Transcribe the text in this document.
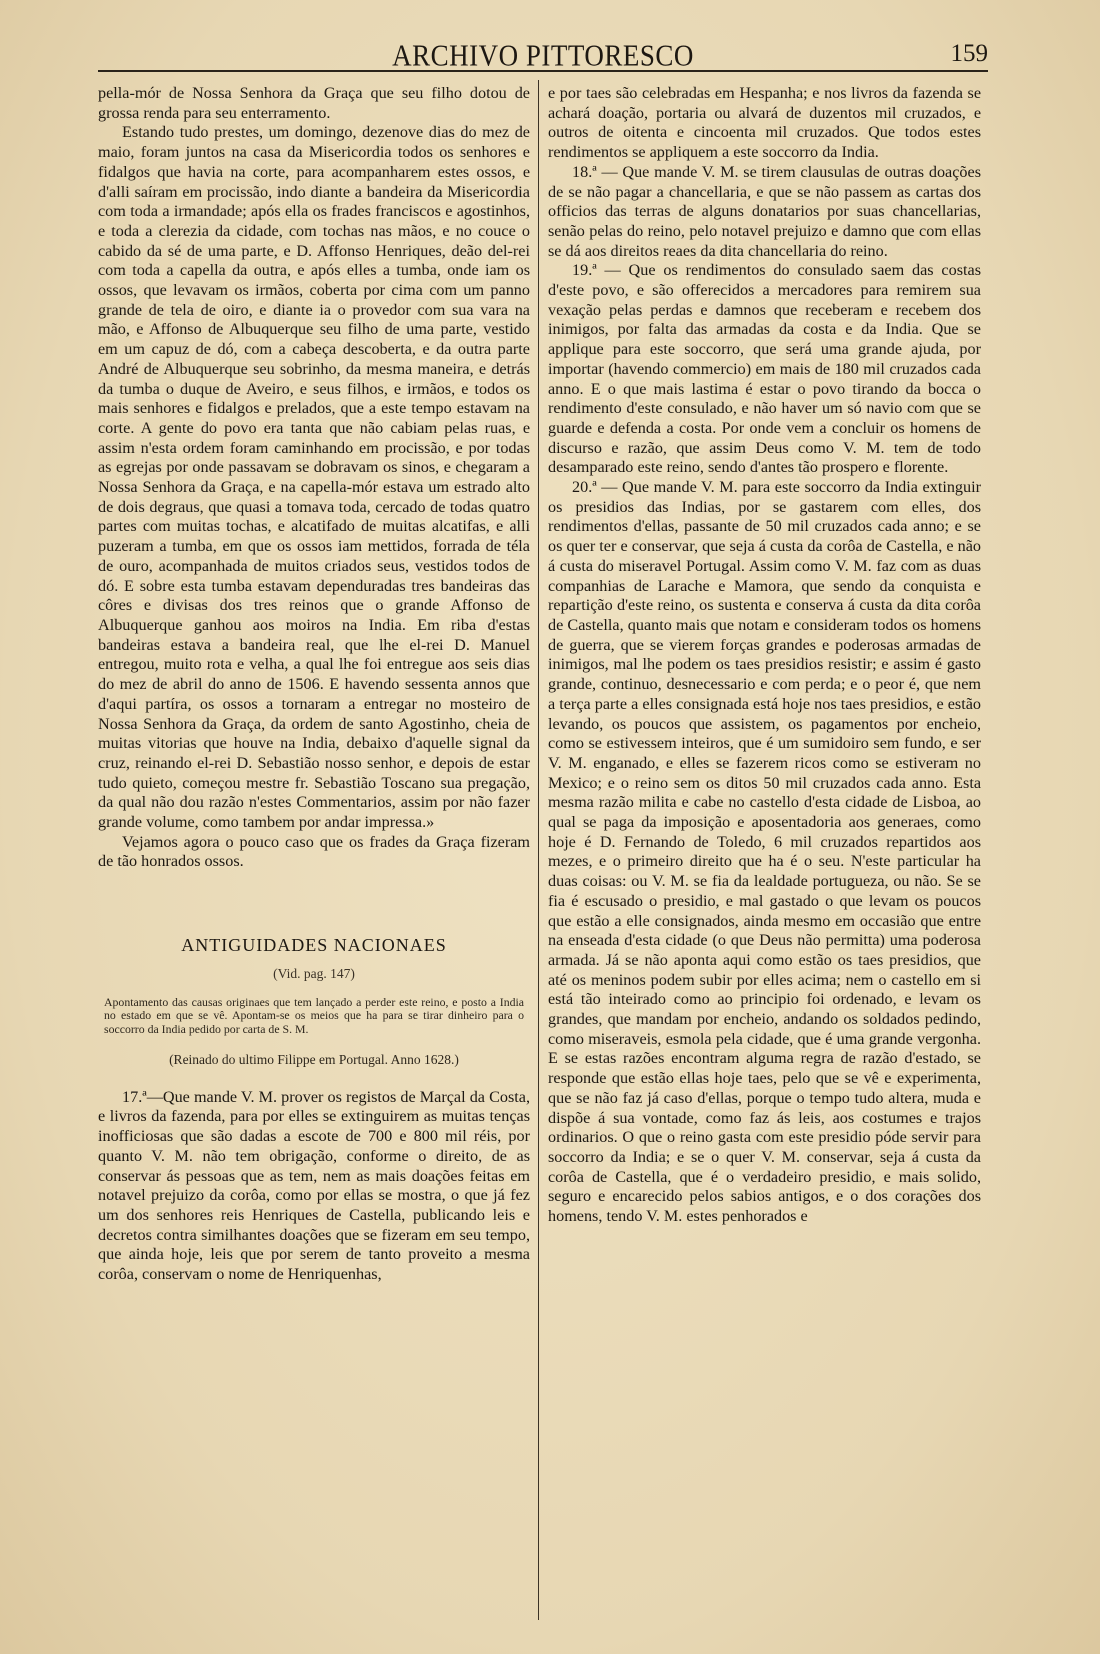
ARCHIVO PITTORESCO	159

pella-mór de Nossa Senhora da Graça que seu filho dotou de grossa renda para seu enterramento.

Estando tudo prestes, um domingo, dezenove dias do mez de maio, foram juntos na casa da Misericordia todos os senhores e fidalgos que havia na corte, para acompanharem estes ossos, e d'alli saíram em procissão, indo diante a bandeira da Misericordia com toda a irmandade; após ella os frades franciscos e agostinhos, e toda a clerezia da cidade, com tochas nas mãos, e no couce o cabido da sé de uma parte, e D. Affonso Henriques, deão del-rei com toda a capella da outra, e após elles a tumba, onde iam os ossos, que levavam os irmãos, coberta por cima com um panno grande de tela de oiro, e diante ia o provedor com sua vara na mão, e Affonso de Albuquerque seu filho de uma parte, vestido em um capuz de dó, com a cabeça descoberta, e da outra parte André de Albuquerque seu sobrinho, da mesma maneira, e detrás da tumba o duque de Aveiro, e seus filhos, e irmãos, e todos os mais senhores e fidalgos e prelados, que a este tempo estavam na corte. A gente do povo era tanta que não cabiam pelas ruas, e assim n'esta ordem foram caminhando em procissão, e por todas as egrejas por onde passavam se dobravam os sinos, e chegaram a Nossa Senhora da Graça, e na capella-mór estava um estrado alto de dois degraus, que quasi a tomava toda, cercado de todas quatro partes com muitas tochas, e alcatifado de muitas alcatifas, e alli puzeram a tumba, em que os ossos iam mettidos, forrada de téla de ouro, acompanhada de muitos criados seus, vestidos todos de dó. E sobre esta tumba estavam dependuradas tres bandeiras das côres e divisas dos tres reinos que o grande Affonso de Albuquerque ganhou aos moiros na India. Em riba d'estas bandeiras estava a bandeira real, que lhe el-rei D. Manuel entregou, muito rota e velha, a qual lhe foi entregue aos seis dias do mez de abril do anno de 1506. E havendo sessenta annos que d'aqui partíra, os ossos a tornaram a entregar no mosteiro de Nossa Senhora da Graça, da ordem de santo Agostinho, cheia de muitas vitorias que houve na India, debaixo d'aquelle signal da cruz, reinando el-rei D. Sebastião nosso senhor, e depois de estar tudo quieto, começou mestre fr. Sebastião Toscano sua pregação, da qual não dou razão n'estes Commentarios, assim por não fazer grande volume, como tambem por andar impressa.»

Vejamos agora o pouco caso que os frades da Graça fizeram de tão honrados ossos.

ANTIGUIDADES NACIONAES
(Vid. pag. 147)

Apontamento das causas originaes que tem lançado a perder este reino, e posto a India no estado em que se vê. Apontam-se os meios que ha para se tirar dinheiro para o soccorro da India pedido por carta de S. M.

(Reinado do ultimo Filippe em Portugal. Anno 1628.)

17.ª—Que mande V. M. prover os registos de Marçal da Costa, e livros da fazenda, para por elles se extinguirem as muitas tenças inofficiosas que são dadas a escote de 700 e 800 mil réis, por quanto V. M. não tem obrigação, conforme o direito, de as conservar ás pessoas que as tem, nem as mais doações feitas em notavel prejuizo da corôa, como por ellas se mostra, o que já fez um dos senhores reis Henriques de Castella, publicando leis e decretos contra similhantes doações que se fizeram em seu tempo, que ainda hoje, leis que por serem de tanto proveito a mesma corôa, conservam o nome de Henriquenhas,

e por taes são celebradas em Hespanha; e nos livros da fazenda se achará doação, portaria ou alvará de duzentos mil cruzados, e outros de oitenta e cincoenta mil cruzados. Que todos estes rendimentos se appliquem a este soccorro da India.

18.ª — Que mande V. M. se tirem clausulas de outras doações de se não pagar a chancellaria, e que se não passem as cartas dos officios das terras de alguns donatarios por suas chancellarias, senão pelas do reino, pelo notavel prejuizo e damno que com ellas se dá aos direitos reaes da dita chancellaria do reino.

19.ª — Que os rendimentos do consulado saem das costas d'este povo, e são offerecidos a mercadores para remirem sua vexação pelas perdas e damnos que receberam e recebem dos inimigos, por falta das armadas da costa e da India. Que se applique para este soccorro, que será uma grande ajuda, por importar (havendo commercio) em mais de 180 mil cruzados cada anno. E o que mais lastima é estar o povo tirando da bocca o rendimento d'este consulado, e não haver um só navio com que se guarde e defenda a costa. Por onde vem a concluir os homens de discurso e razão, que assim Deus como V. M. tem de todo desamparado este reino, sendo d'antes tão prospero e florente.

20.ª — Que mande V. M. para este soccorro da India extinguir os presidios das Indias, por se gastarem com elles, dos rendimentos d'ellas, passante de 50 mil cruzados cada anno; e se os quer ter e conservar, que seja á custa da corôa de Castella, e não á custa do miseravel Portugal. Assim como V. M. faz com as duas companhias de Larache e Mamora, que sendo da conquista e repartição d'este reino, os sustenta e conserva á custa da dita corôa de Castella, quanto mais que notam e consideram todos os homens de guerra, que se vierem forças grandes e poderosas armadas de inimigos, mal lhe podem os taes presidios resistir; e assim é gasto grande, continuo, desnecessario e com perda; e o peor é, que nem a terça parte a elles consignada está hoje nos taes presidios, e estão levando, os poucos que assistem, os pagamentos por encheio, como se estivessem inteiros, que é um sumidoiro sem fundo, e ser V. M. enganado, e elles se fazerem ricos como se estiveram no Mexico; e o reino sem os ditos 50 mil cruzados cada anno. Esta mesma razão milita e cabe no castello d'esta cidade de Lisboa, ao qual se paga da imposição e aposentadoria aos generaes, como hoje é D. Fernando de Toledo, 6 mil cruzados repartidos aos mezes, e o primeiro direito que ha é o seu. N'este particular ha duas coisas: ou V. M. se fia da lealdade portugueza, ou não. Se se fia é escusado o presidio, e mal gastado o que levam os poucos que estão a elle consignados, ainda mesmo em occasião que entre na enseada d'esta cidade (o que Deus não permitta) uma poderosa armada. Já se não aponta aqui como estão os taes presidios, que até os meninos podem subir por elles acima; nem o castello em si está tão inteirado como ao principio foi ordenado, e levam os grandes, que mandam por encheio, andando os soldados pedindo, como miseraveis, esmola pela cidade, que é uma grande vergonha. E se estas razões encontram alguma regra de razão d'estado, se responde que estão ellas hoje taes, pelo que se vê e experimenta, que se não faz já caso d'ellas, porque o tempo tudo altera, muda e dispõe á sua vontade, como faz ás leis, aos costumes e trajos ordinarios. O que o reino gasta com este presidio póde servir para soccorro da India; e se o quer V. M. conservar, seja á custa da corôa de Castella, que é o verdadeiro presidio, e mais solido, seguro e encarecido pelos sabios antigos, e o dos corações dos homens, tendo V. M. estes penhorados e
